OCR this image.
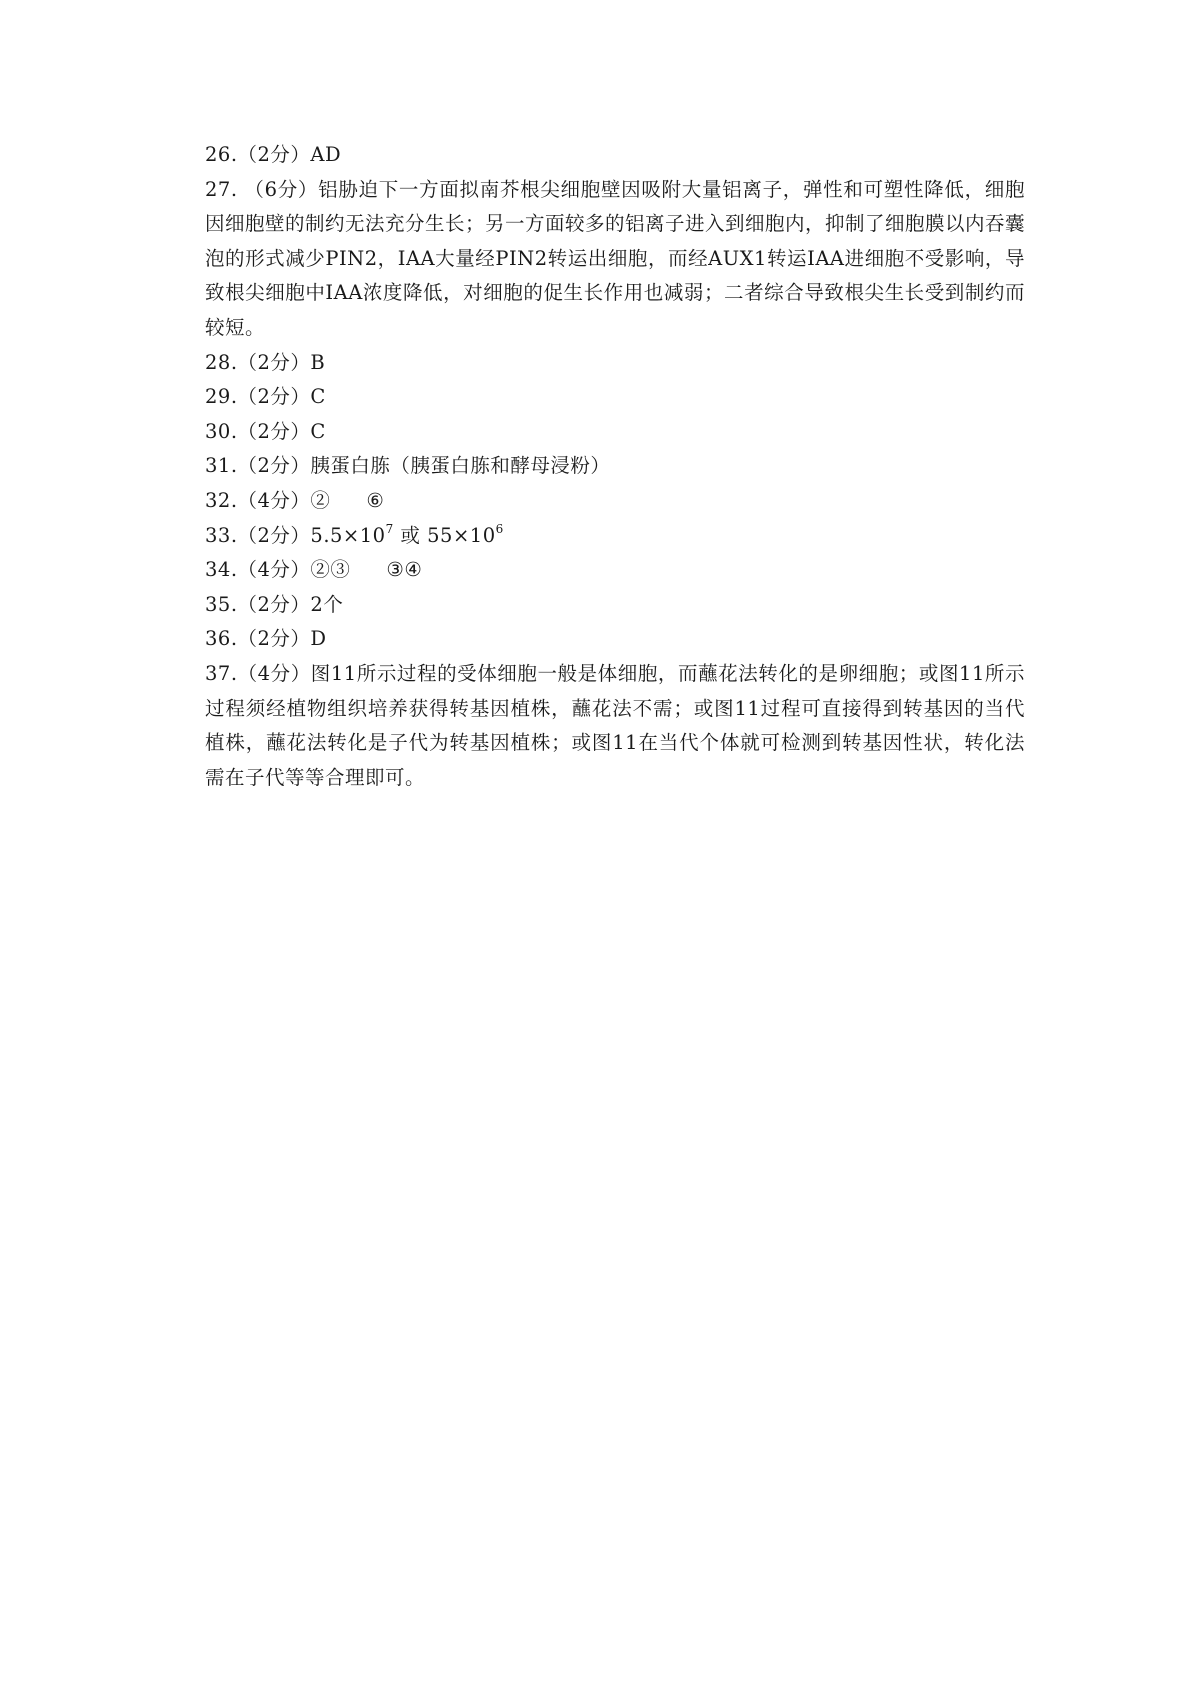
26.（2分）AD
27. （6分）铝胁迫下一方面拟南芥根尖细胞壁因吸附大量铝离子，弹性和可塑性降低，细胞因细胞壁的制约无法充分生长；另一方面较多的铝离子进入到细胞内，抑制了细胞膜以内吞囊泡的形式减少PIN2，IAA大量经PIN2转运出细胞，而经AUX1转运IAA进细胞不受影响，导致根尖细胞中IAA浓度降低，对细胞的促生长作用也减弱；二者综合导致根尖生长受到制约而较短。
28.（2分）B
29.（2分）C
30.（2分）C
31.（2分）胰蛋白胨（胰蛋白胨和酵母浸粉）
32.（4分）② ⑥
33.（2分）$5.5\times 10^7$ 或 $55\times 10^6$
34.（4分）②③ ③④
35.（2分）2个
36.（2分）D
37.（4分）图11所示过程的受体细胞一般是体细胞，而蘸花法转化的是卵细胞；或图11所示过程须经植物组织培养获得转基因植株，蘸花法不需；或图11过程可直接得到转基因的当代植株，蘸花法转化是子代为转基因植株；或图11在当代个体就可检测到转基因性状，转化法需在子代等等合理即可。
